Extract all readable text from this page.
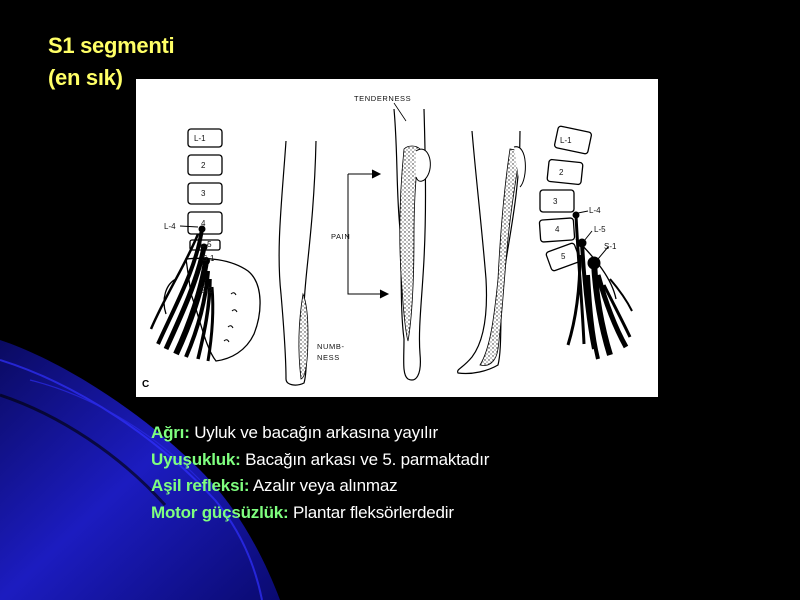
S1 segmenti
(en sık)
L-1
2
3
4
L-4
L-5
S-1
S-2
C
NUMB-
NESS
PAIN
TENDERNESS
L-1
2
3
4
5
L-4
L-5
S-1
Ağrı: Uyluk ve bacağın arkasına yayılır
Uyuşukluk: Bacağın arkası ve 5. parmaktadır
Aşil refleksi: Azalır veya alınmaz
Motor güçsüzlük: Plantar fleksörlerdedir
